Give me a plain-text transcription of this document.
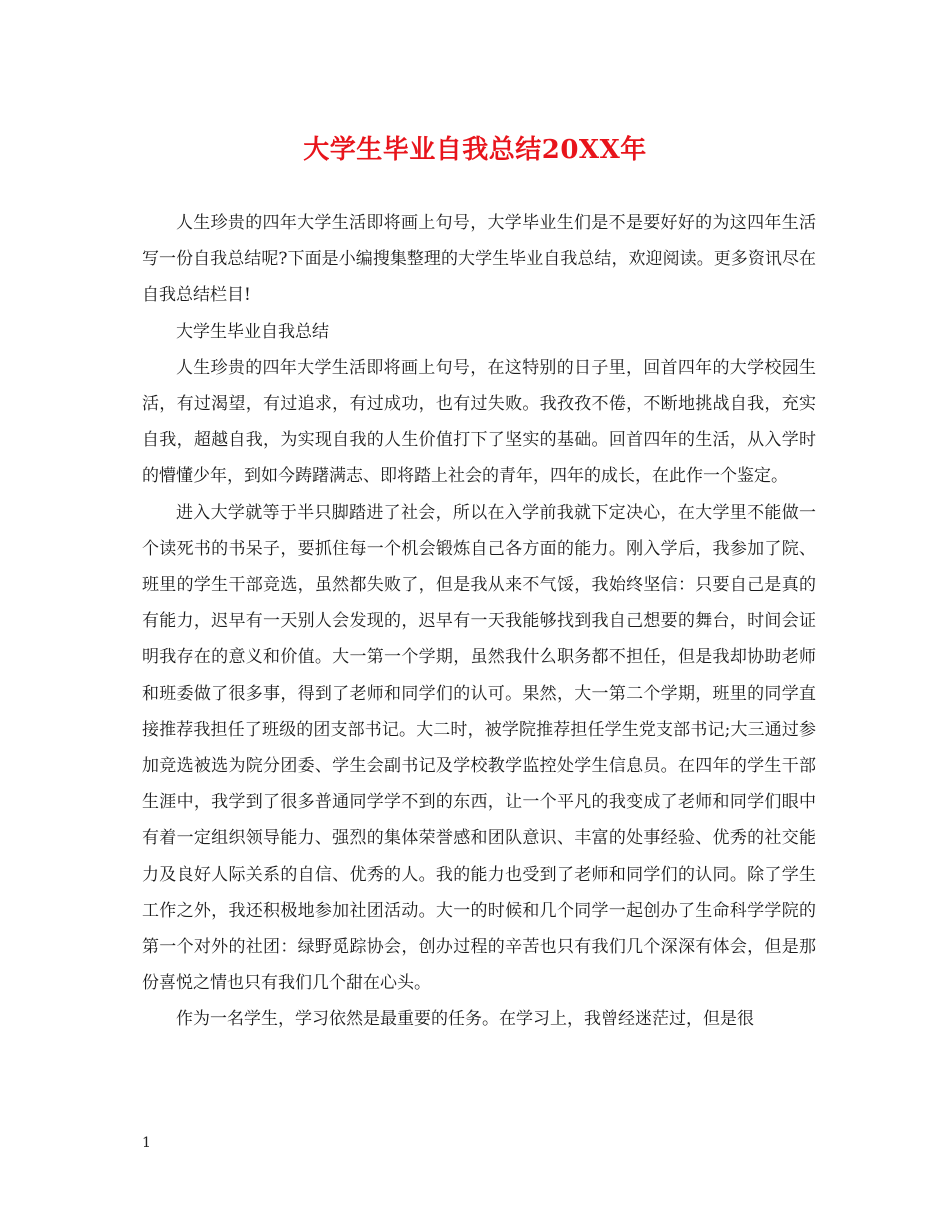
大学生毕业自我总结20XX年

人生珍贵的四年大学生活即将画上句号，大学毕业生们是不是要好好的为这四年生活写一份自我总结呢?下面是小编搜集整理的大学生毕业自我总结，欢迎阅读。更多资讯尽在自我总结栏目!

大学生毕业自我总结

人生珍贵的四年大学生活即将画上句号，在这特别的日子里，回首四年的大学校园生活，有过渴望，有过追求，有过成功，也有过失败。我孜孜不倦，不断地挑战自我，充实自我，超越自我，为实现自我的人生价值打下了坚实的基础。回首四年的生活，从入学时的懵懂少年，到如今踌躇满志、即将踏上社会的青年，四年的成长，在此作一个鉴定。

进入大学就等于半只脚踏进了社会，所以在入学前我就下定决心，在大学里不能做一个读死书的书呆子，要抓住每一个机会锻炼自己各方面的能力。刚入学后，我参加了院、班里的学生干部竞选，虽然都失败了，但是我从来不气馁，我始终坚信：只要自己是真的有能力，迟早有一天别人会发现的，迟早有一天我能够找到我自己想要的舞台，时间会证明我存在的意义和价值。大一第一个学期，虽然我什么职务都不担任，但是我却协助老师和班委做了很多事，得到了老师和同学们的认可。果然，大一第二个学期，班里的同学直接推荐我担任了班级的团支部书记。大二时，被学院推荐担任学生党支部书记;大三通过参加竞选被选为院分团委、学生会副书记及学校教学监控处学生信息员。在四年的学生干部生涯中，我学到了很多普通同学学不到的东西，让一个平凡的我变成了老师和同学们眼中有着一定组织领导能力、强烈的集体荣誉感和团队意识、丰富的处事经验、优秀的社交能力及良好人际关系的自信、优秀的人。我的能力也受到了老师和同学们的认同。除了学生工作之外，我还积极地参加社团活动。大一的时候和几个同学一起创办了生命科学学院的第一个对外的社团：绿野觅踪协会，创办过程的辛苦也只有我们几个深深有体会，但是那份喜悦之情也只有我们几个甜在心头。

作为一名学生，学习依然是最重要的任务。在学习上，我曾经迷茫过，但是很

1
